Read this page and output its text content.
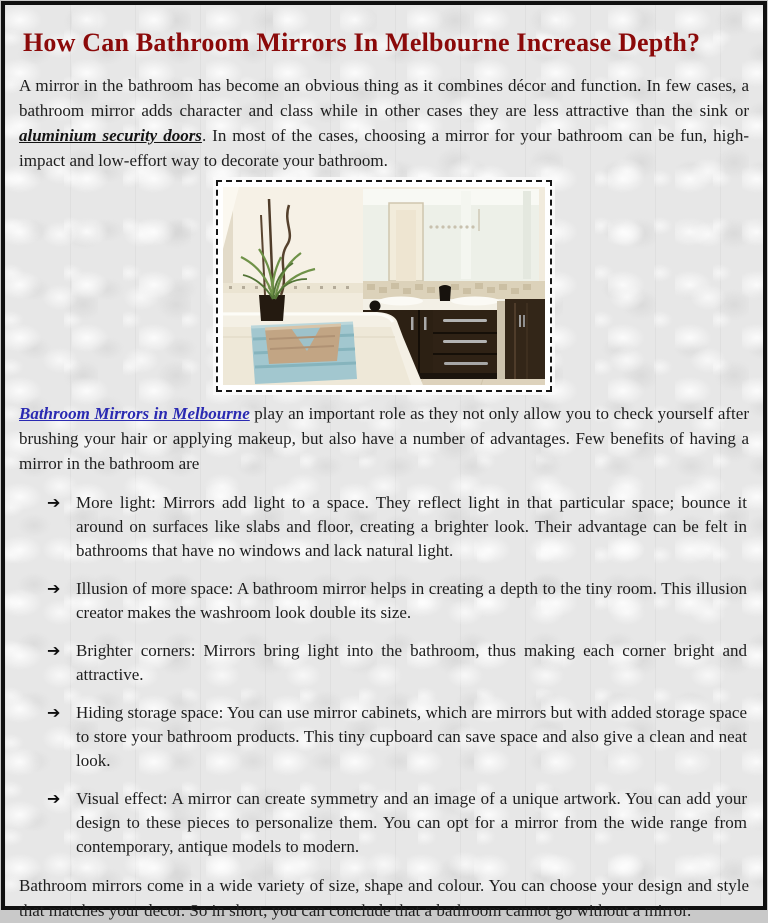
How Can Bathroom Mirrors In Melbourne Increase Depth?

A mirror in the bathroom has become an obvious thing as it combines décor and function. In few cases, a bathroom mirror adds character and class while in other cases they are less attractive than the sink or aluminium security doors. In most of the cases, choosing a mirror for your bathroom can be fun, high-impact and low-effort way to decorate your bathroom.

Bathroom Mirrors in Melbourne play an important role as they not only allow you to check yourself after brushing your hair or applying makeup, but also have a number of advantages. Few benefits of having a mirror in the bathroom are

➔ More light: Mirrors add light to a space. They reflect light in that particular space; bounce it around on surfaces like slabs and floor, creating a brighter look. Their advantage can be felt in bathrooms that have no windows and lack natural light.
➔ Illusion of more space: A bathroom mirror helps in creating a depth to the tiny room. This illusion creator makes the washroom look double its size.
➔ Brighter corners: Mirrors bring light into the bathroom, thus making each corner bright and attractive.
➔ Hiding storage space: You can use mirror cabinets, which are mirrors but with added storage space to store your bathroom products. This tiny cupboard can save space and also give a clean and neat look.
➔ Visual effect: A mirror can create symmetry and an image of a unique artwork. You can add your design to these pieces to personalize them. You can opt for a mirror from the wide range from contemporary, antique models to modern.

Bathroom mirrors come in a wide variety of size, shape and colour. You can choose your design and style that matches your decor. So in short, you can conclude that a bathroom cannot go without a mirror.
